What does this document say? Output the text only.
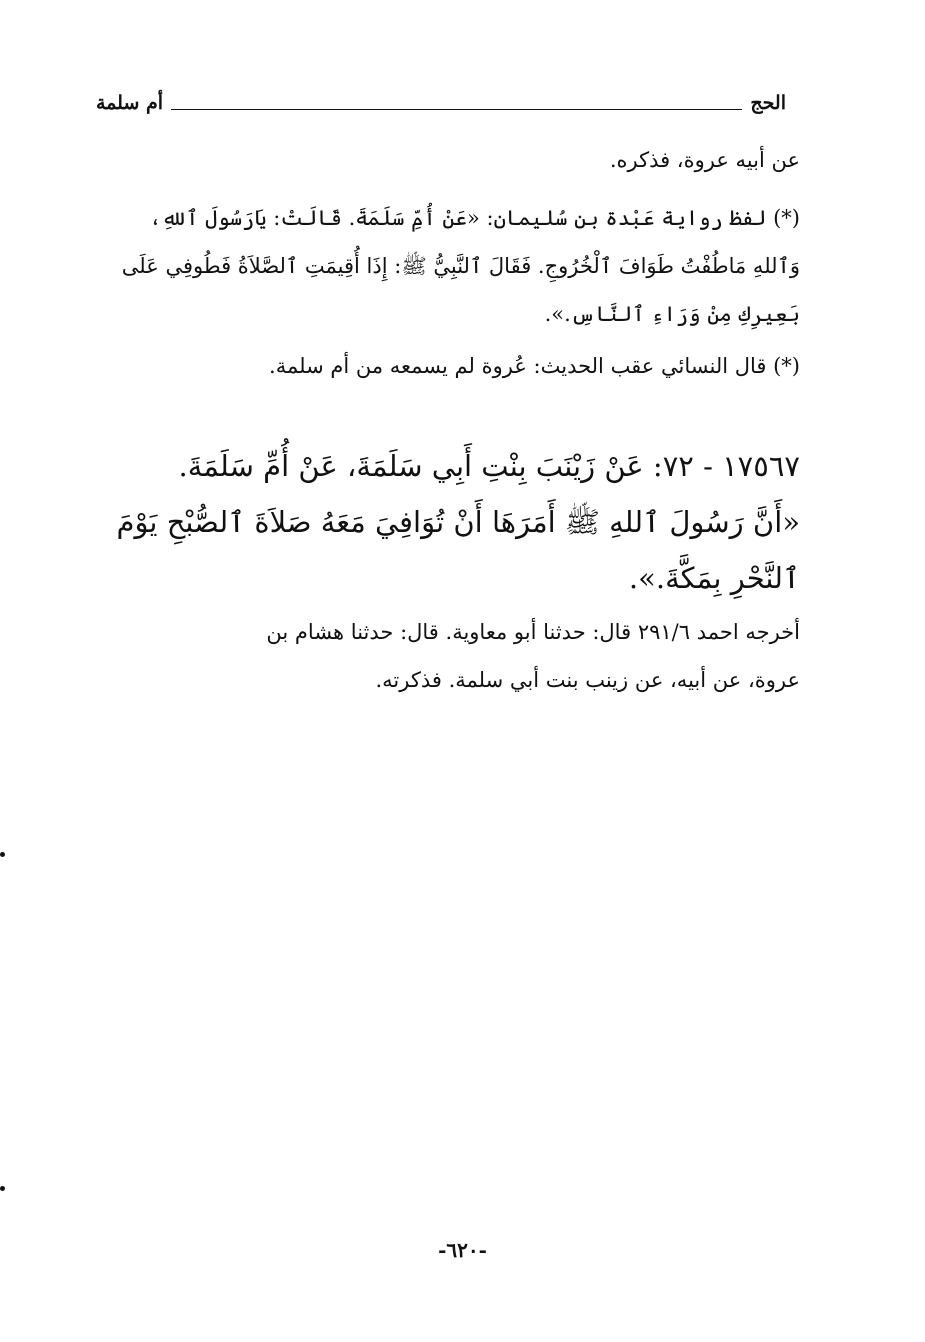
الحج
أم سلمة
عن أبيه عروة، فذكره.
(*) لفظ رواية عَبْدة بن سُليمان: «عَنْ أُمِّ سَلَمَةَ. قَالَتْ: يَارَسُولَ ٱللهِ،
وَٱللهِ مَاطُفْتُ طَوَافَ ٱلْخُرُوجِ. فَقَالَ ٱلنَّبِيُّ ﷺ: إِذَا أُقِيمَتِ ٱلصَّلاَةُ فَطُوفِي عَلَى
بَعِيرِكِ مِنْ وَرَاءِ ٱلنَّاسِ.».
(*) قال النسائي عقب الحديث: عُروة لم يسمعه من أم سلمة.
١٧٥٦٧ - ٧٢: عَنْ زَيْنَبَ بِنْتِ أَبِي سَلَمَةَ، عَنْ أُمِّ سَلَمَةَ.
«أَنَّ رَسُولَ ٱللهِ ﷺ أَمَرَهَا أَنْ تُوَافِيَ مَعَهُ صَلاَةَ ٱلصُّبْحِ يَوْمَ
ٱلنَّحْرِ بِمَكَّةَ.».
أخرجه احمد ٢٩١/٦ قال: حدثنا أبو معاوية. قال: حدثنا هشام بن
عروة، عن أبيه، عن زينب بنت أبي سلمة. فذكرته.
-٦٢٠-
